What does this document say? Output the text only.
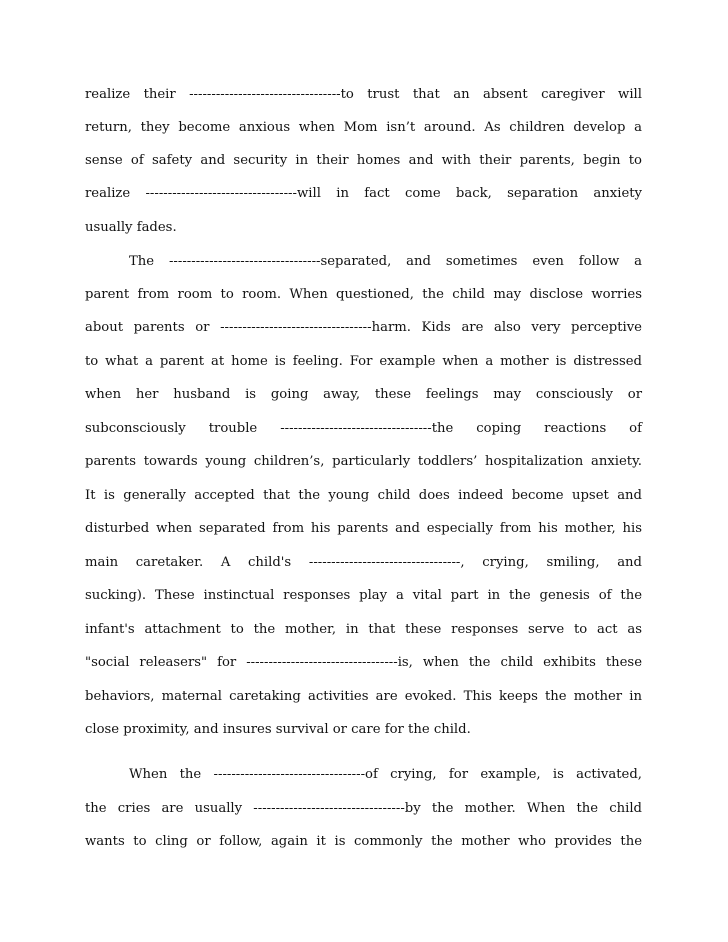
realize their ----------------------------------to trust that an absent caregiver will
return, they become anxious when Mom isn’t around. As children develop a
sense of safety and security in their homes and with their parents, begin to
realize ----------------------------------will in fact come back, separation anxiety
usually fades.
The ----------------------------------separated, and sometimes even follow a
parent from room to room. When questioned, the child may disclose worries
about parents or ----------------------------------harm. Kids are also very perceptive
to what a parent at home is feeling. For example when a mother is distressed
when her husband is going away, these feelings may consciously or
subconsciously trouble ----------------------------------the coping reactions of
parents towards young children’s, particularly toddlers’ hospitalization anxiety.
It is generally accepted that the young child does indeed become upset and
disturbed when separated from his parents and especially from his mother, his
main caretaker. A child's ----------------------------------, crying, smiling, and
sucking). These instinctual responses play a vital part in the genesis of the
infant's attachment to the mother, in that these responses serve to act as
"social releasers" for ----------------------------------is, when the child exhibits these
behaviors, maternal caretaking activities are evoked. This keeps the mother in
close proximity, and insures survival or care for the child.
When the ----------------------------------of crying, for example, is activated,
the cries are usually ----------------------------------by the mother. When the child
wants to cling or follow, again it is commonly the mother who provides the
